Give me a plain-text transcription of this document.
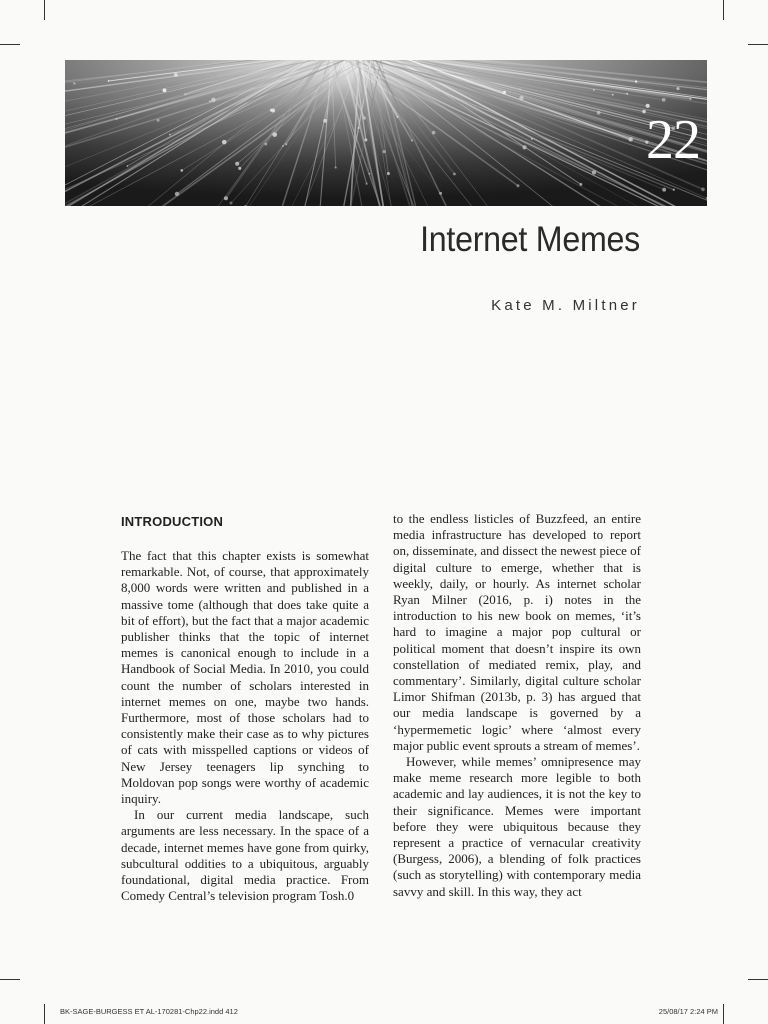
22
Internet Memes
Kate M. Miltner
INTRODUCTION

The fact that this chapter exists is somewhat remarkable. Not, of course, that approximately 8,000 words were written and published in a massive tome (although that does take quite a bit of effort), but the fact that a major academic publisher thinks that the topic of internet memes is canonical enough to include in a Handbook of Social Media. In 2010, you could count the number of scholars interested in internet memes on one, maybe two hands. Furthermore, most of those scholars had to consistently make their case as to why pictures of cats with misspelled captions or videos of New Jersey teenagers lip synching to Moldovan pop songs were worthy of academic inquiry.

In our current media landscape, such arguments are less necessary. In the space of a decade, internet memes have gone from quirky, subcultural oddities to a ubiquitous, arguably foundational, digital media practice. From Comedy Central’s television program Tosh.0

to the endless listicles of Buzzfeed, an entire media infrastructure has developed to report on, disseminate, and dissect the newest piece of digital culture to emerge, whether that is weekly, daily, or hourly. As internet scholar Ryan Milner (2016, p. i) notes in the introduction to his new book on memes, ‘it’s hard to imagine a major pop cultural or political moment that doesn’t inspire its own constellation of mediated remix, play, and commentary’. Similarly, digital culture scholar Limor Shifman (2013b, p. 3) has argued that our media landscape is governed by a ‘hypermemetic logic’ where ‘almost every major public event sprouts a stream of memes’.

However, while memes’ omnipresence may make meme research more legible to both academic and lay audiences, it is not the key to their significance. Memes were important before they were ubiquitous because they represent a practice of vernacular creativity (Burgess, 2006), a blending of folk practices (such as storytelling) with contemporary media savvy and skill. In this way, they act

BK-SAGE-BURGESS ET AL-170281-Chp22.indd 412	25/08/17 2:24 PM
